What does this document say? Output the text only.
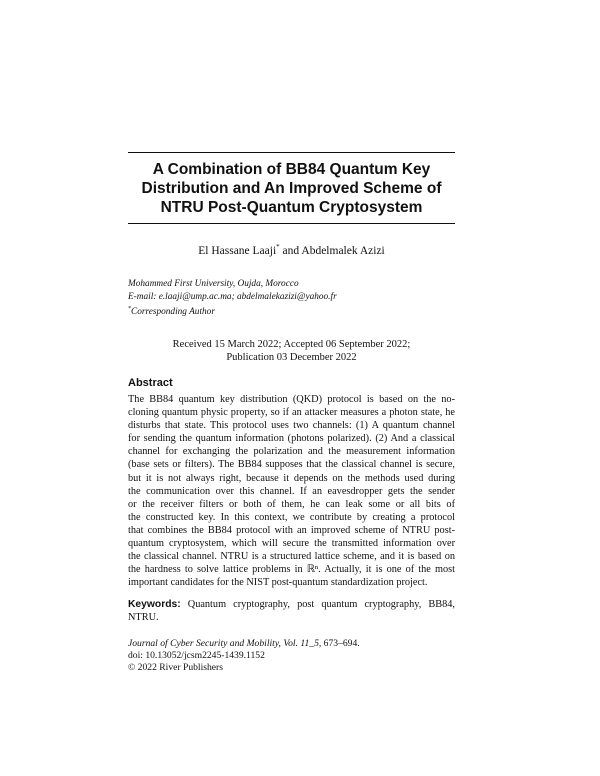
A Combination of BB84 Quantum Key
Distribution and An Improved Scheme of
NTRU Post-Quantum Cryptosystem
El Hassane Laaji* and Abdelmalek Azizi
Mohammed First University, Oujda, Morocco
E-mail: e.laaji@ump.ac.ma; abdelmalekazizi@yahoo.fr
*Corresponding Author
Received 15 March 2022; Accepted 06 September 2022;
Publication 03 December 2022
Abstract
The BB84 quantum key distribution (QKD) protocol is based on the no-
cloning quantum physic property, so if an attacker measures a photon state, he
disturbs that state. This protocol uses two channels: (1) A quantum channel
for sending the quantum information (photons polarized). (2) And a classical
channel for exchanging the polarization and the measurement information
(base sets or filters). The BB84 supposes that the classical channel is secure,
but it is not always right, because it depends on the methods used during
the communication over this channel. If an eavesdropper gets the sender
or the receiver filters or both of them, he can leak some or all bits of
the constructed key. In this context, we contribute by creating a protocol
that combines the BB84 protocol with an improved scheme of NTRU post-
quantum cryptosystem, which will secure the transmitted information over
the classical channel. NTRU is a structured lattice scheme, and it is based on
the hardness to solve lattice problems in ℝⁿ. Actually, it is one of the most
important candidates for the NIST post-quantum standardization project.
Keywords: Quantum cryptography, post quantum cryptography, BB84,
NTRU.
Journal of Cyber Security and Mobility, Vol. 11_5, 673–694.
doi: 10.13052/jcsm2245-1439.1152
© 2022 River Publishers
